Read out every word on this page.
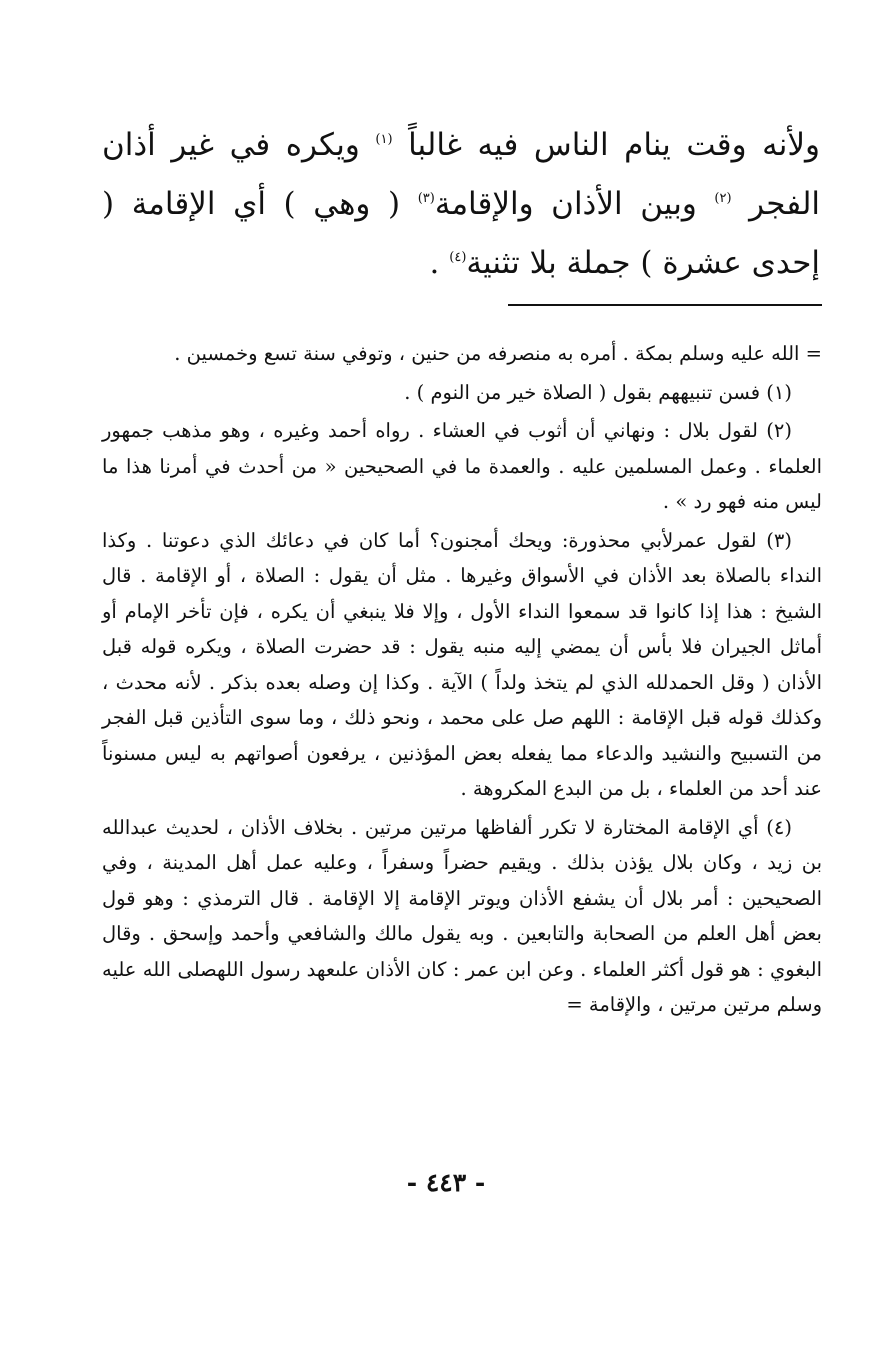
ولأنه وقت ينام الناس فيه غالباً $^{(١)}$ ويكره في غير أذان الفجر $^{(٢)}$ وبين الأذان والإقامة$^{(٣)}$ ( وهي ) أي الإقامة ( إحدى عشرة ) جملة بلا تثنية$^{(٤)}$ .

= الله عليه وسلم بمكة . أمره به منصرفه من حنين ، وتوفي سنة تسع وخمسين .

(١) فسن تنبيههم بقول ( الصلاة خير من النوم ) .

(٢) لقول بلال : ونهاني أن أثوب في العشاء . رواه أحمد وغيره ، وهو مذهب جمهور العلماء . وعمل المسلمين عليه . والعمدة ما في الصحيحين « من أحدث في أمرنا هذا ما ليس منه فهو رد » .

(٣) لقول عمرلأبي محذورة: ويحك أمجنون؟ أما كان في دعائك الذي دعوتنا . وكذا النداء بالصلاة بعد الأذان في الأسواق وغيرها . مثل أن يقول : الصلاة ، أو الإقامة . قال الشيخ : هذا إذا كانوا قد سمعوا النداء الأول ، وإلا فلا ينبغي أن يكره ، فإن تأخر الإمام أو أماثل الجيران فلا بأس أن يمضي إليه منبه يقول : قد حضرت الصلاة ، ويكره قوله قبل الأذان ( وقل الحمدلله الذي لم يتخذ ولداً ) الآية . وكذا إن وصله بعده بذكر . لأنه محدث ، وكذلك قوله قبل الإقامة : اللهم صل على محمد ، ونحو ذلك ، وما سوى التأذين قبل الفجر من التسبيح والنشيد والدعاء مما يفعله بعض المؤذنين ، يرفعون أصواتهم به ليس مسنوناً عند أحد من العلماء ، بل من البدع المكروهة .

(٤) أي الإقامة المختارة لا تكرر ألفاظها مرتين مرتين . بخلاف الأذان ، لحديث عبدالله بن زيد ، وكان بلال يؤذن بذلك . ويقيم حضراً وسفراً ، وعليه عمل أهل المدينة ، وفي الصحيحين : أمر بلال أن يشفع الأذان ويوتر الإقامة إلا الإقامة . قال الترمذي : وهو قول بعض أهل العلم من الصحابة والتابعين . وبه يقول مالك والشافعي وأحمد وإسحق . وقال البغوي : هو قول أكثر العلماء . وعن ابن عمر : كان الأذان علىعهد رسول اللهصلى الله عليه وسلم مرتين مرتين ، والإقامة =

- ٤٤٣ -
